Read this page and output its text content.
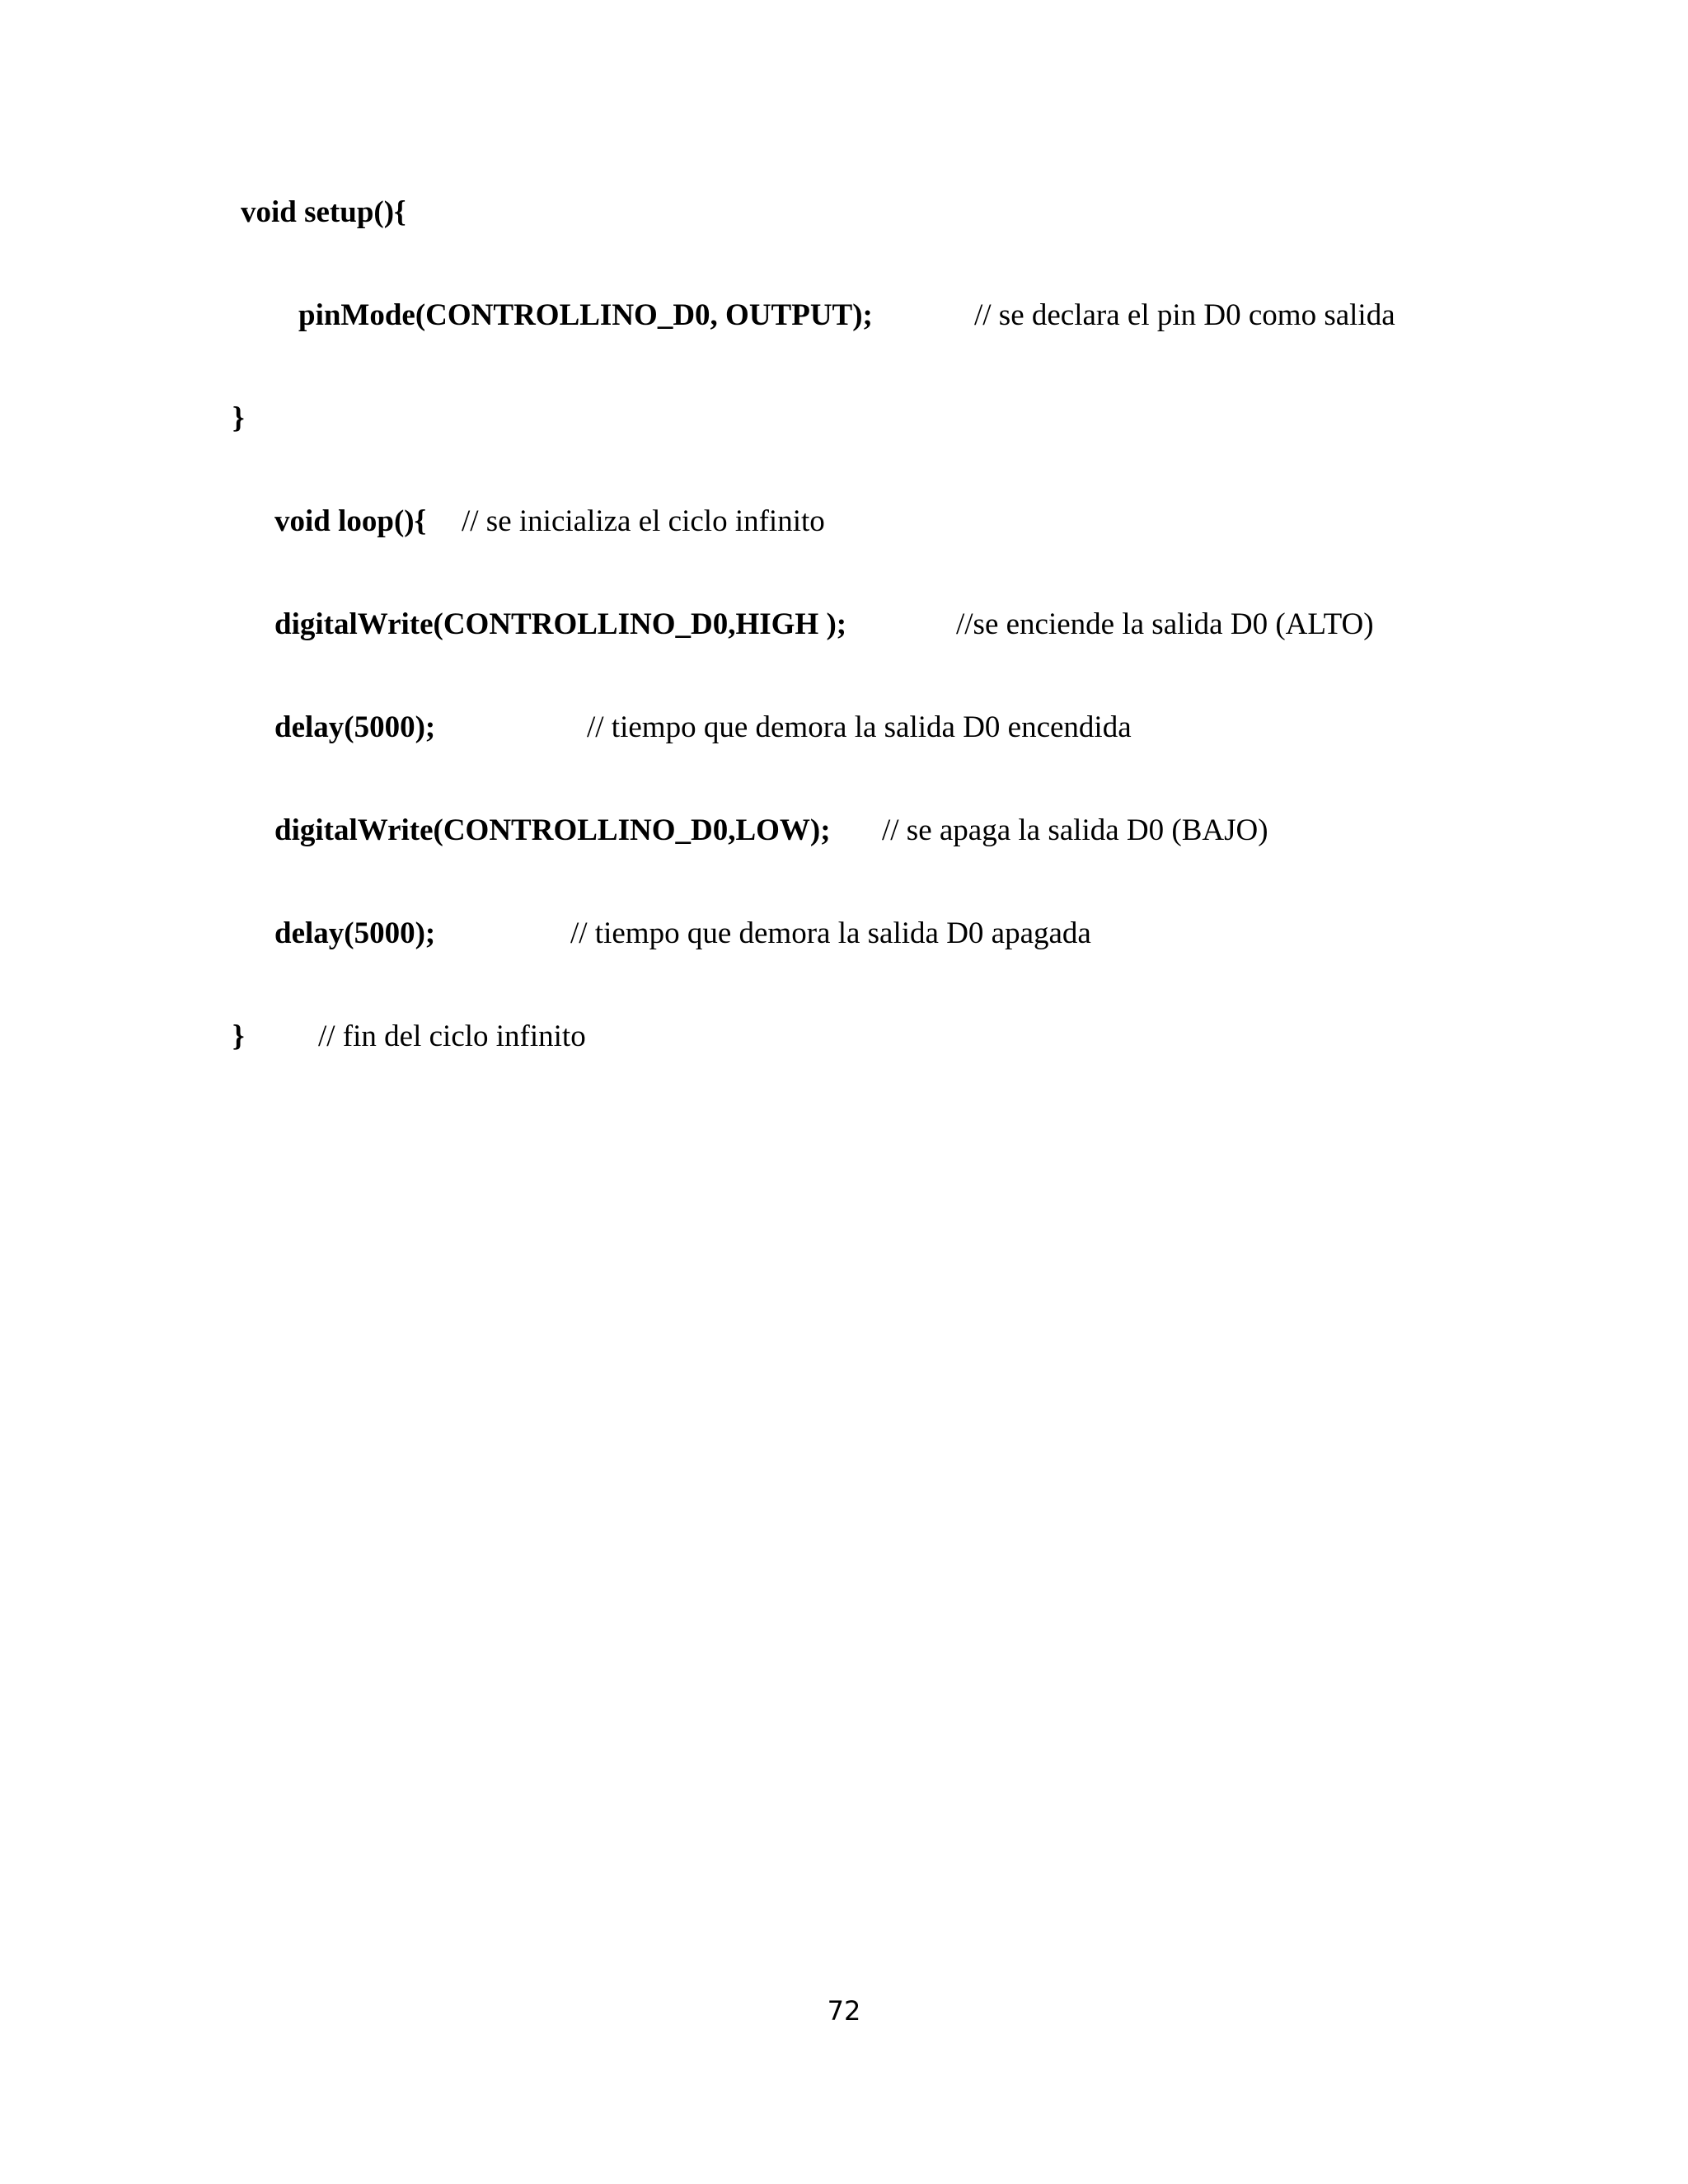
void setup(){
pinMode(CONTROLLINO_D0, OUTPUT);	// se declara el pin D0 como salida
}
void loop(){ // se inicializa el ciclo infinito
digitalWrite(CONTROLLINO_D0,HIGH );	//se enciende la salida D0 (ALTO)
delay(5000);	// tiempo que demora la salida D0 encendida
digitalWrite(CONTROLLINO_D0,LOW); // se apaga la salida D0 (BAJO)
delay(5000);	// tiempo que demora la salida D0 apagada
} // fin del ciclo infinito
72
